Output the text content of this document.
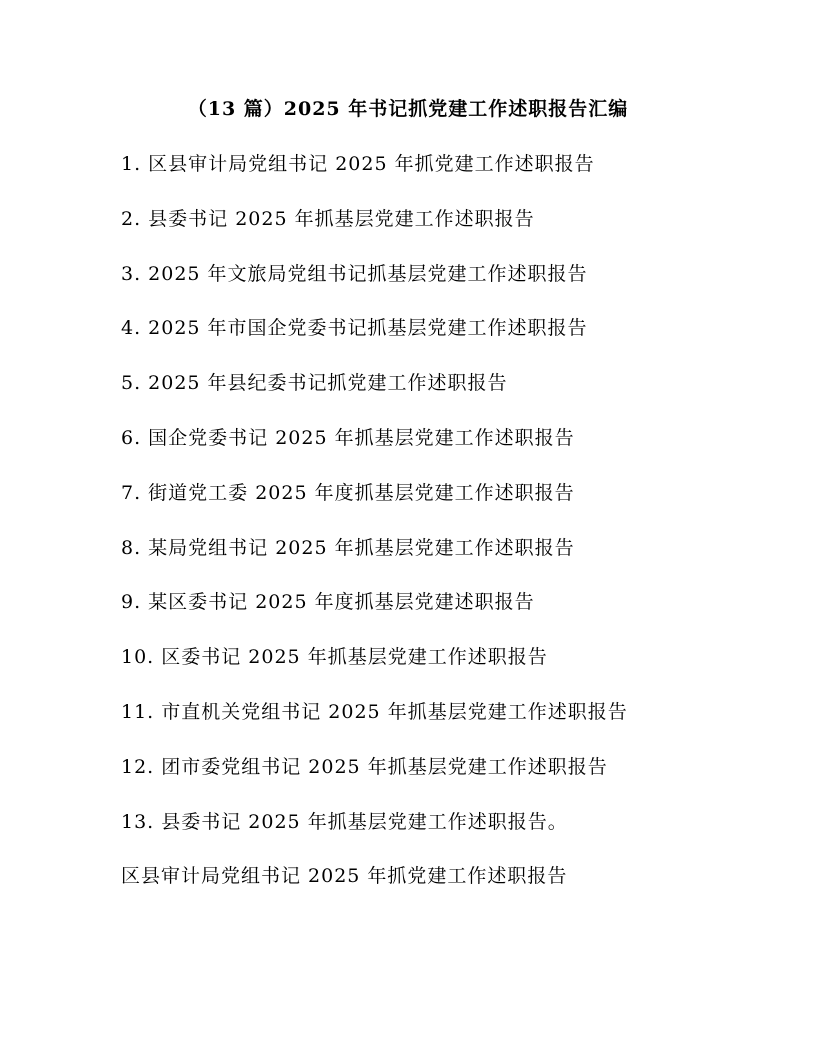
（13 篇）2025 年书记抓党建工作述职报告汇编
1. 区县审计局党组书记 2025 年抓党建工作述职报告
2. 县委书记 2025 年抓基层党建工作述职报告
3. 2025 年文旅局党组书记抓基层党建工作述职报告
4. 2025 年市国企党委书记抓基层党建工作述职报告
5. 2025 年县纪委书记抓党建工作述职报告
6. 国企党委书记 2025 年抓基层党建工作述职报告
7. 街道党工委 2025 年度抓基层党建工作述职报告
8. 某局党组书记 2025 年抓基层党建工作述职报告
9. 某区委书记 2025 年度抓基层党建述职报告
10. 区委书记 2025 年抓基层党建工作述职报告
11. 市直机关党组书记 2025 年抓基层党建工作述职报告
12. 团市委党组书记 2025 年抓基层党建工作述职报告
13. 县委书记 2025 年抓基层党建工作述职报告。
区县审计局党组书记 2025 年抓党建工作述职报告
